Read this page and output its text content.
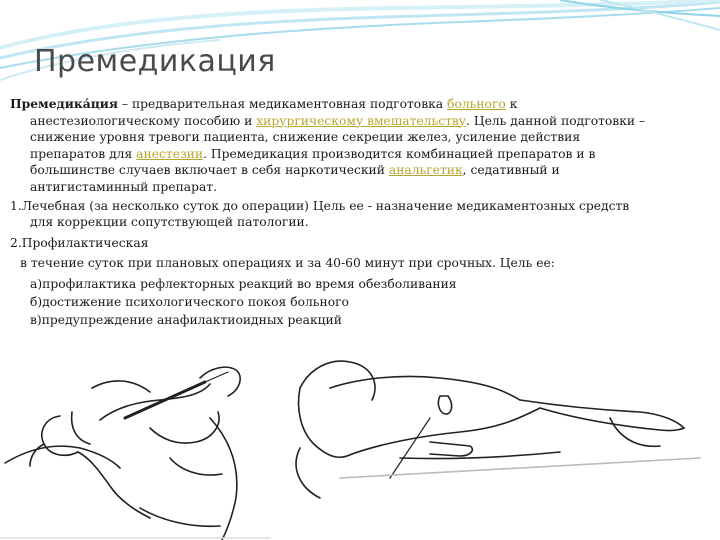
Премедикация

Премедика́ция – предварительная медикаментовная подготовка больного к анестезиологическому пособию и хирургическому вмешательству. Цель данной подготовки – снижение уровня тревоги пациента, снижение секреции желез, усиление действия препаратов для анестезии. Премедикация производится комбинацией препаратов и в большинстве случаев включает в себя наркотический анальгетик, седативный и антигистаминный препарат.

1.Лечебная (за несколько суток до операции) Цель ее - назначение медикаментозных средств для коррекции сопутствующей патологии.

2.Профилактическая

в течение суток при плановых операциях и за 40-60 минут при срочных. Цель ее:

а)профилактика рефлекторных реакций во время обезболивания
б)достижение психологического покоя больного
в)предупреждение анафилактиоидных реакций
